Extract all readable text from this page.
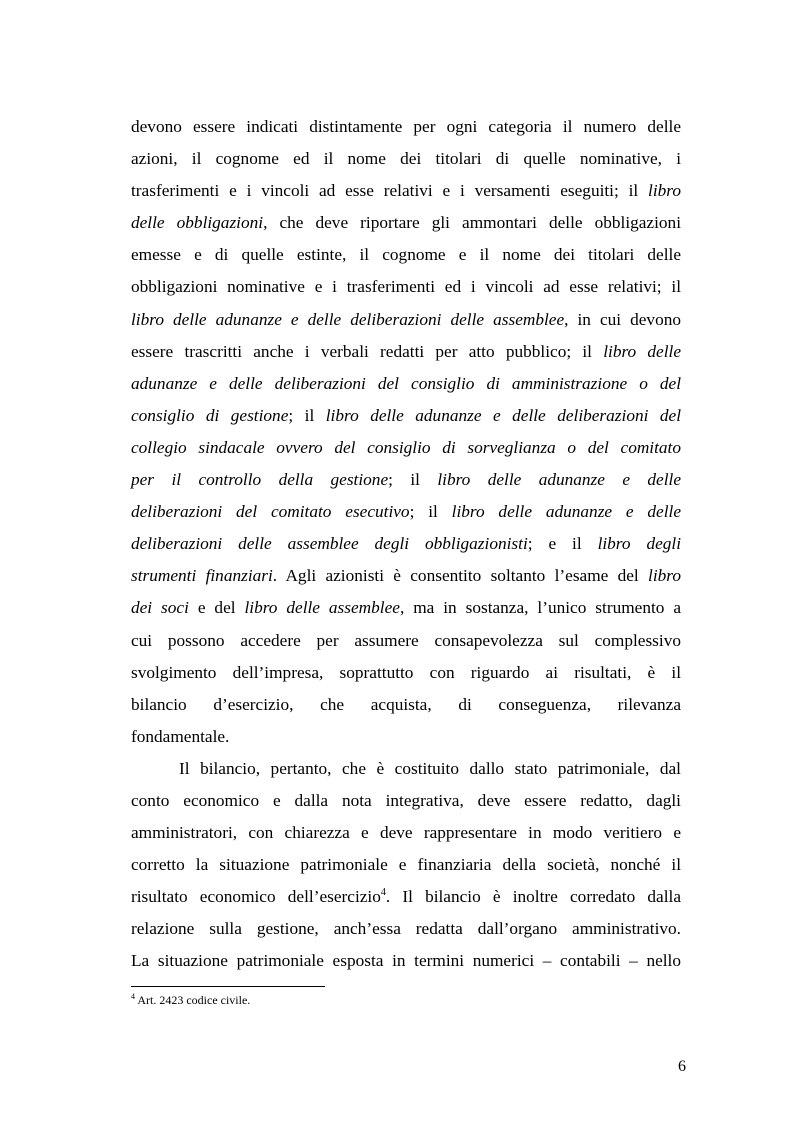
devono essere indicati distintamente per ogni categoria il numero delle
azioni, il cognome ed il nome dei titolari di quelle nominative, i
trasferimenti e i vincoli ad esse relativi e i versamenti eseguiti; il libro
delle obbligazioni, che deve riportare gli ammontari delle obbligazioni
emesse e di quelle estinte, il cognome e il nome dei titolari delle
obbligazioni nominative e i trasferimenti ed i vincoli ad esse relativi; il
libro delle adunanze e delle deliberazioni delle assemblee, in cui devono
essere trascritti anche i verbali redatti per atto pubblico; il libro delle
adunanze e delle deliberazioni del consiglio di amministrazione o del
consiglio di gestione; il libro delle adunanze e delle deliberazioni del
collegio sindacale ovvero del consiglio di sorveglianza o del comitato
per il controllo della gestione; il libro delle adunanze e delle
deliberazioni del comitato esecutivo; il libro delle adunanze e delle
deliberazioni delle assemblee degli obbligazionisti; e il libro degli
strumenti finanziari. Agli azionisti è consentito soltanto l’esame del libro
dei soci e del libro delle assemblee, ma in sostanza, l’unico strumento a
cui possono accedere per assumere consapevolezza sul complessivo
svolgimento dell’impresa, soprattutto con riguardo ai risultati, è il
bilancio d’esercizio, che acquista, di conseguenza, rilevanza
fondamentale.
Il bilancio, pertanto, che è costituito dallo stato patrimoniale, dal
conto economico e dalla nota integrativa, deve essere redatto, dagli
amministratori, con chiarezza e deve rappresentare in modo veritiero e
corretto la situazione patrimoniale e finanziaria della società, nonché il
risultato economico dell’esercizio$^4$. Il bilancio è inoltre corredato dalla
relazione sulla gestione, anch’essa redatta dall’organo amministrativo.
La situazione patrimoniale esposta in termini numerici – contabili – nello
$^4$ Art. 2423 codice civile.
6
